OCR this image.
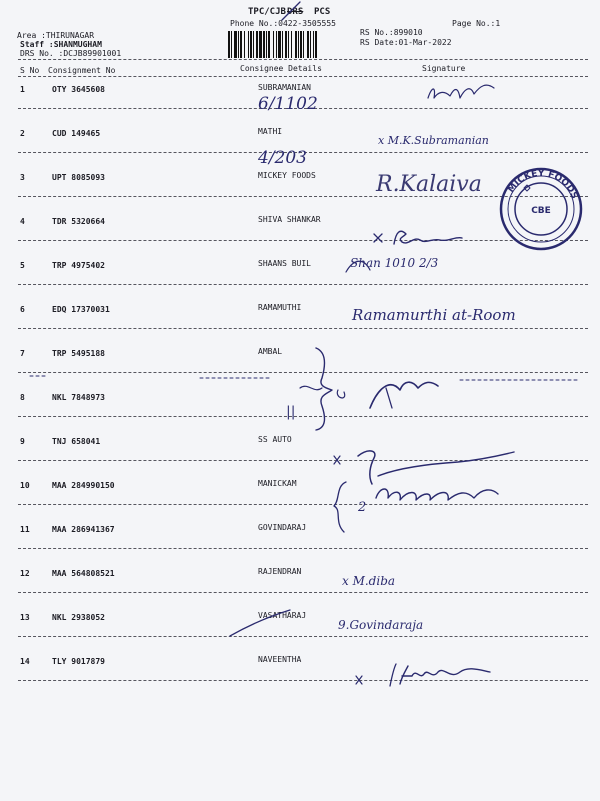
TPC/CJB DRS PCS
Phone No.:0422-3505555
Area :THIRUNAGAR
Staff :SHANMUGHAM
DRS No. :DCJB89901001
RS No.:899010
RS Date:01-Mar-2022
Page No.:1
S No Consignment No	Consignee Details	Signature
1	OTY 3645608	SUBRAMANIAN
2	CUD 149465	MATHI
3	UPT 8085093	MICKEY FOODS
4	TDR 5320664	SHIVA SHANKAR
5	TRP 4975402	SHAANS BUIL
6	EDQ 17370031	RAMAMUTHI
7	TRP 5495188	AMBAL
8	NKL 7848973
9	TNJ 658041	SS AUTO
10	MAA 284990150	MANICKAM
11	MAA 286941367	GOVINDARAJ
12	MAA 564808521	RAJENDRAN
13	NKL 2938052	VASATHARAJ
14	TLY 9017879	NAVEENTHA
6/1102
4/203
x M.K.Subramanian
R.Kalaiva	MICKEY FOODS
CBE
Shan 1010 2/3
Ramamurthi at-Room
||
2
x M.diba
9.Govindaraja
